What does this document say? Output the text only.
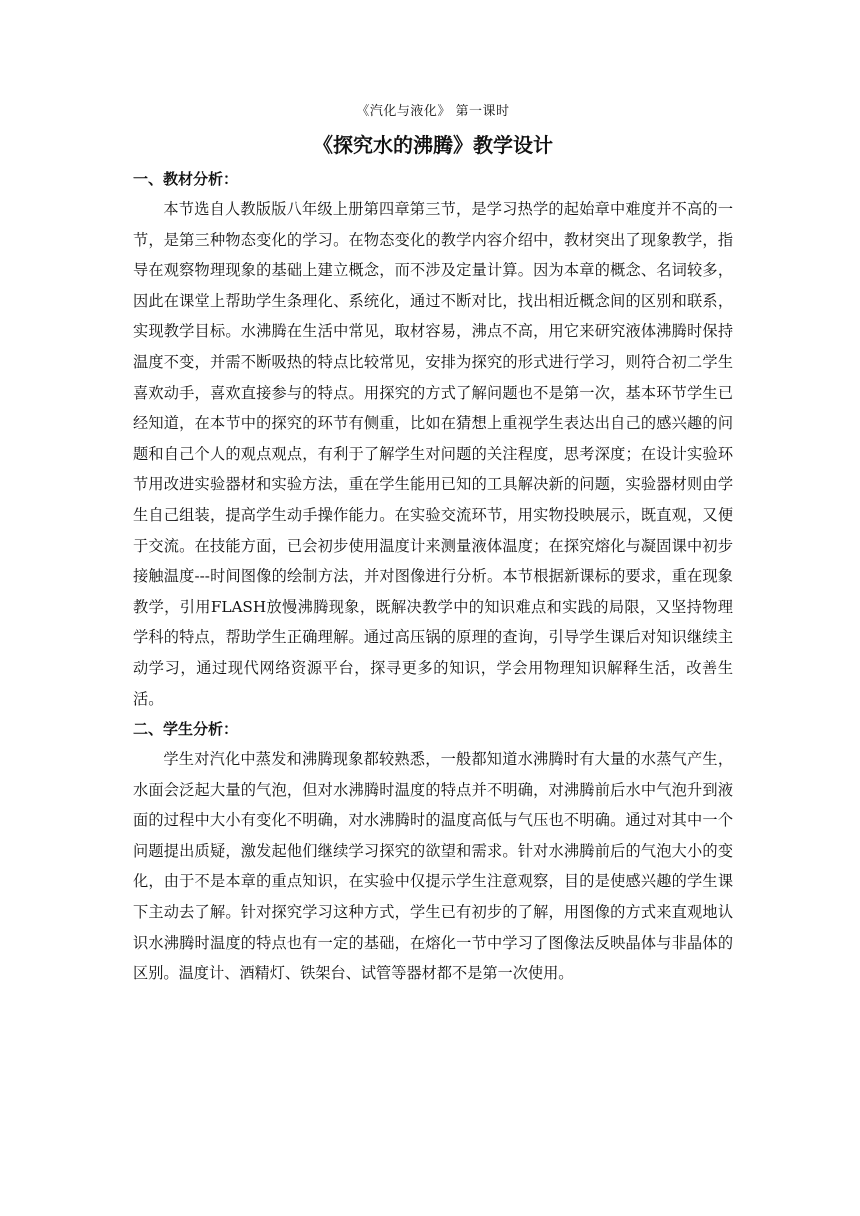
《汽化与液化》 第一课时

《探究水的沸腾》教学设计
一、教材分析：

本节选自人教版版八年级上册第四章第三节，是学习热学的起始章中难度并不高的一节，是第三种物态变化的学习。在物态变化的教学内容介绍中，教材突出了现象教学，指导在观察物理现象的基础上建立概念，而不涉及定量计算。因为本章的概念、名词较多，因此在课堂上帮助学生条理化、系统化，通过不断对比，找出相近概念间的区别和联系，实现教学目标。水沸腾在生活中常见，取材容易，沸点不高，用它来研究液体沸腾时保持温度不变，并需不断吸热的特点比较常见，安排为探究的形式进行学习，则符合初二学生喜欢动手，喜欢直接参与的特点。用探究的方式了解问题也不是第一次，基本环节学生已经知道，在本节中的探究的环节有侧重，比如在猜想上重视学生表达出自己的感兴趣的问题和自己个人的观点观点，有利于了解学生对问题的关注程度，思考深度；在设计实验环节用改进实验器材和实验方法，重在学生能用已知的工具解决新的问题，实验器材则由学生自己组装，提高学生动手操作能力。在实验交流环节，用实物投映展示，既直观，又便于交流。在技能方面，已会初步使用温度计来测量液体温度；在探究熔化与凝固课中初步接触温度---时间图像的绘制方法，并对图像进行分析。本节根据新课标的要求，重在现象教学，引用FLASH放慢沸腾现象，既解决教学中的知识难点和实践的局限，又坚持物理学科的特点，帮助学生正确理解。通过高压锅的原理的查询，引导学生课后对知识继续主动学习，通过现代网络资源平台，探寻更多的知识，学会用物理知识解释生活，改善生活。

二、学生分析：

学生对汽化中蒸发和沸腾现象都较熟悉，一般都知道水沸腾时有大量的水蒸气产生，水面会泛起大量的气泡，但对水沸腾时温度的特点并不明确，对沸腾前后水中气泡升到液面的过程中大小有变化不明确，对水沸腾时的温度高低与气压也不明确。通过对其中一个问题提出质疑，激发起他们继续学习探究的欲望和需求。针对水沸腾前后的气泡大小的变化，由于不是本章的重点知识，在实验中仅提示学生注意观察，目的是使感兴趣的学生课下主动去了解。针对探究学习这种方式，学生已有初步的了解，用图像的方式来直观地认识水沸腾时温度的特点也有一定的基础，在熔化一节中学习了图像法反映晶体与非晶体的区别。温度计、酒精灯、铁架台、试管等器材都不是第一次使用。
